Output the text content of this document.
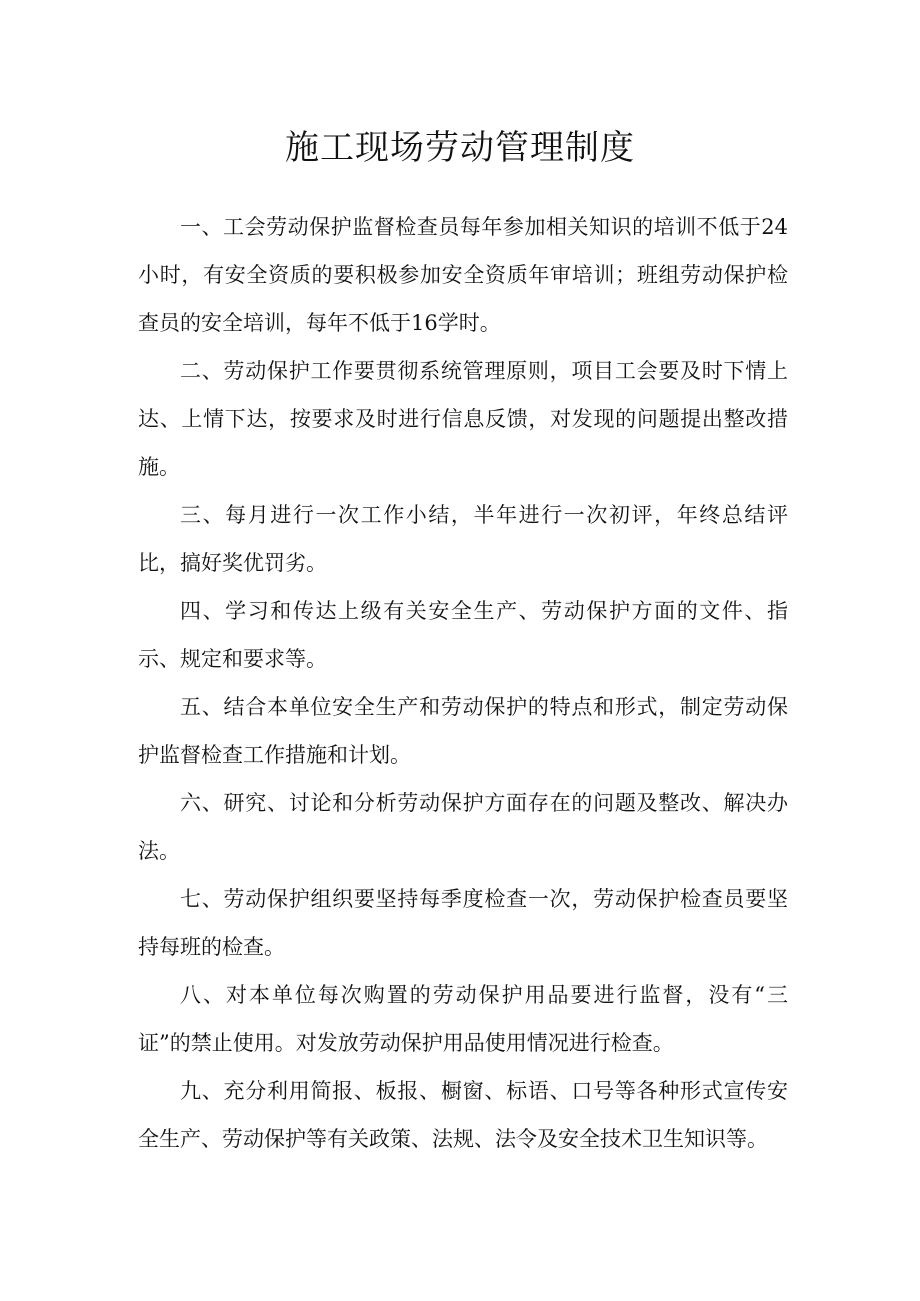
施工现场劳动管理制度

一、工会劳动保护监督检查员每年参加相关知识的培训不低于24小时，有安全资质的要积极参加安全资质年审培训；班组劳动保护检查员的安全培训，每年不低于16学时。

二、劳动保护工作要贯彻系统管理原则，项目工会要及时下情上达、上情下达，按要求及时进行信息反馈，对发现的问题提出整改措施。

三、每月进行一次工作小结，半年进行一次初评，年终总结评比，搞好奖优罚劣。

四、学习和传达上级有关安全生产、劳动保护方面的文件、指示、规定和要求等。

五、结合本单位安全生产和劳动保护的特点和形式，制定劳动保护监督检查工作措施和计划。

六、研究、讨论和分析劳动保护方面存在的问题及整改、解决办法。

七、劳动保护组织要坚持每季度检查一次，劳动保护检查员要坚持每班的检查。

八、对本单位每次购置的劳动保护用品要进行监督，没有“三证”的禁止使用。对发放劳动保护用品使用情况进行检查。

九、充分利用简报、板报、橱窗、标语、口号等各种形式宣传安全生产、劳动保护等有关政策、法规、法令及安全技术卫生知识等。
